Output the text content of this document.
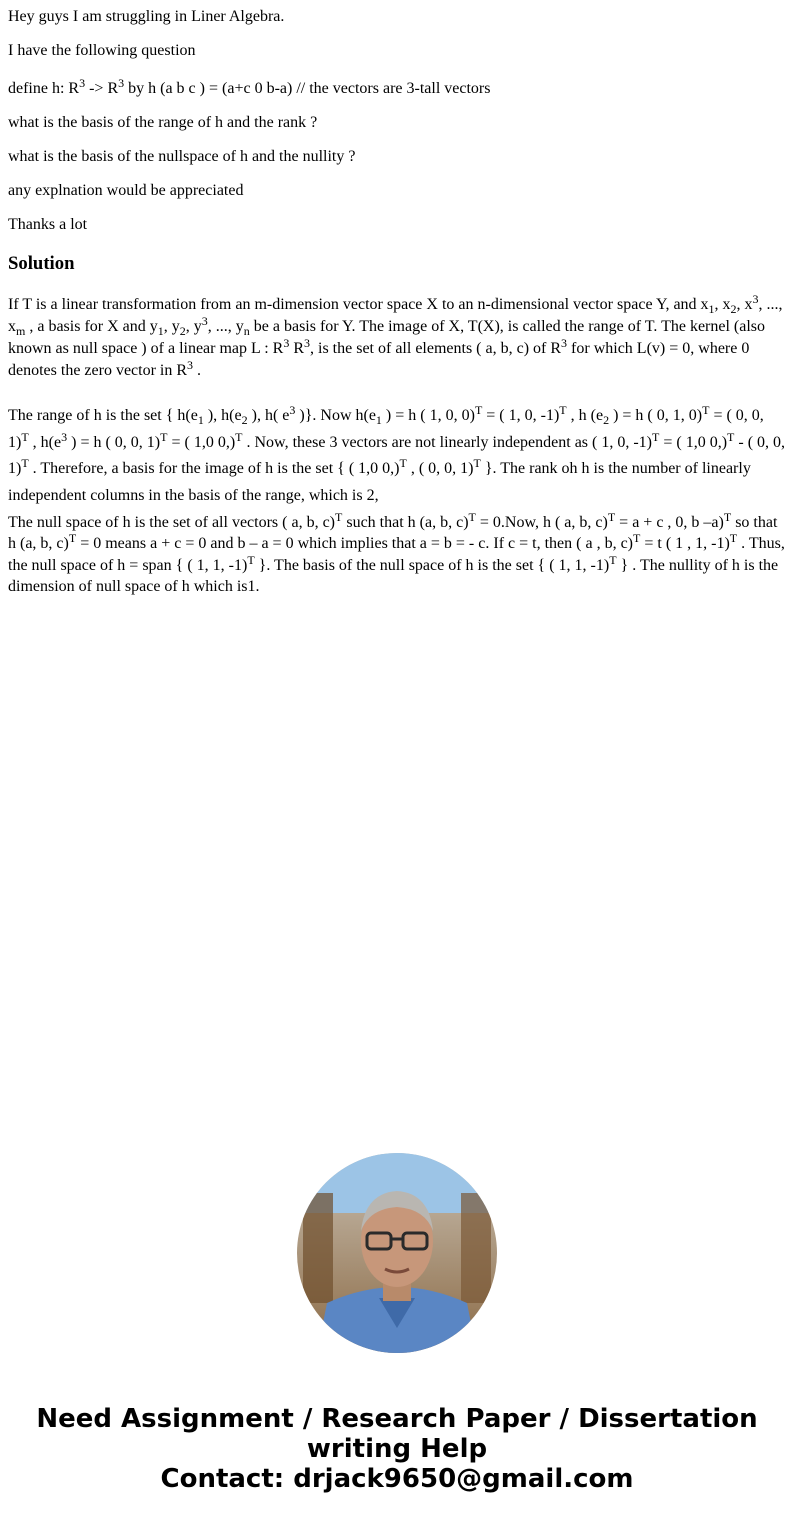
Hey guys I am struggling in Liner Algebra.

I have the following question

define h: $R^3 -> R^3$ by h (a b c ) = (a+c 0 b-a) // the vectors are 3-tall vectors

what is the basis of the range of h and the rank ?

what is the basis of the nullspace of h and the nullity ?

any explnation would be appreciated

Thanks a lot

Solution

If T is a linear transformation from an m-dimension vector space X to an n-dimensional vector space Y, and $x_1$, $x_2$, $x^3$, ..., $x_m$ , a basis for X and $y_1$, $y_2$, $y^3$, ..., $y_n$ be a basis for Y. The image of X, T(X), is called the range of T. The kernel (also known as null space ) of a linear map L : $R^3$ $R^3$, is the set of all elements ( a, b, c) of $R^3$ for which L(v) = 0, where 0 denotes the zero vector in $R^3$ .

The range of h is the set { $h(e_1$ ), $h(e_2$ ), h( $e^3$ )}. Now $h(e_1$ ) = h ( 1, 0, 0)$^T$ = ( 1, 0, -1)$^T$ , h ($e_2$ ) = h ( 0, 1, 0)$^T$ = ( 0, 0, 1)$^T$ , $h(e^3$ ) = h ( 0, 0, 1)$^T$ = ( 1,0 0,)$^T$ . Now, these 3 vectors are not linearly independent as ( 1, 0, -1)$^T$ = ( 1,0 0,)$^T$ - ( 0, 0, 1)$^T$ . Therefore, a basis for the image of h is the set { ( 1,0 0,)$^T$ , ( 0, 0, 1)$^T$ }. The rank oh h is the number of linearly independent columns in the basis of the range, which is 2,

The null space of h is the set of all vectors ( a, b, c)$^T$ such that h (a, b, c)$^T$ = 0.Now, h ( a, b, c)$^T$ = a + c , 0, b –a)$^T$ so that h (a, b, c)$^T$ = 0 means a + c = 0 and b – a = 0 which implies that a = b = - c. If c = t, then ( a , b, c)$^T$ = t ( 1 , 1, -1)$^T$ . Thus, the null space of h = span { ( 1, 1, -1)$^T$ }. The basis of the null space of h is the set { ( 1, 1, -1)$^T$ } . The nullity of h is the dimension of null space of h which is1.

Need Assignment / Research Paper / Dissertation
writing Help
Contact: drjack9650@gmail.com
